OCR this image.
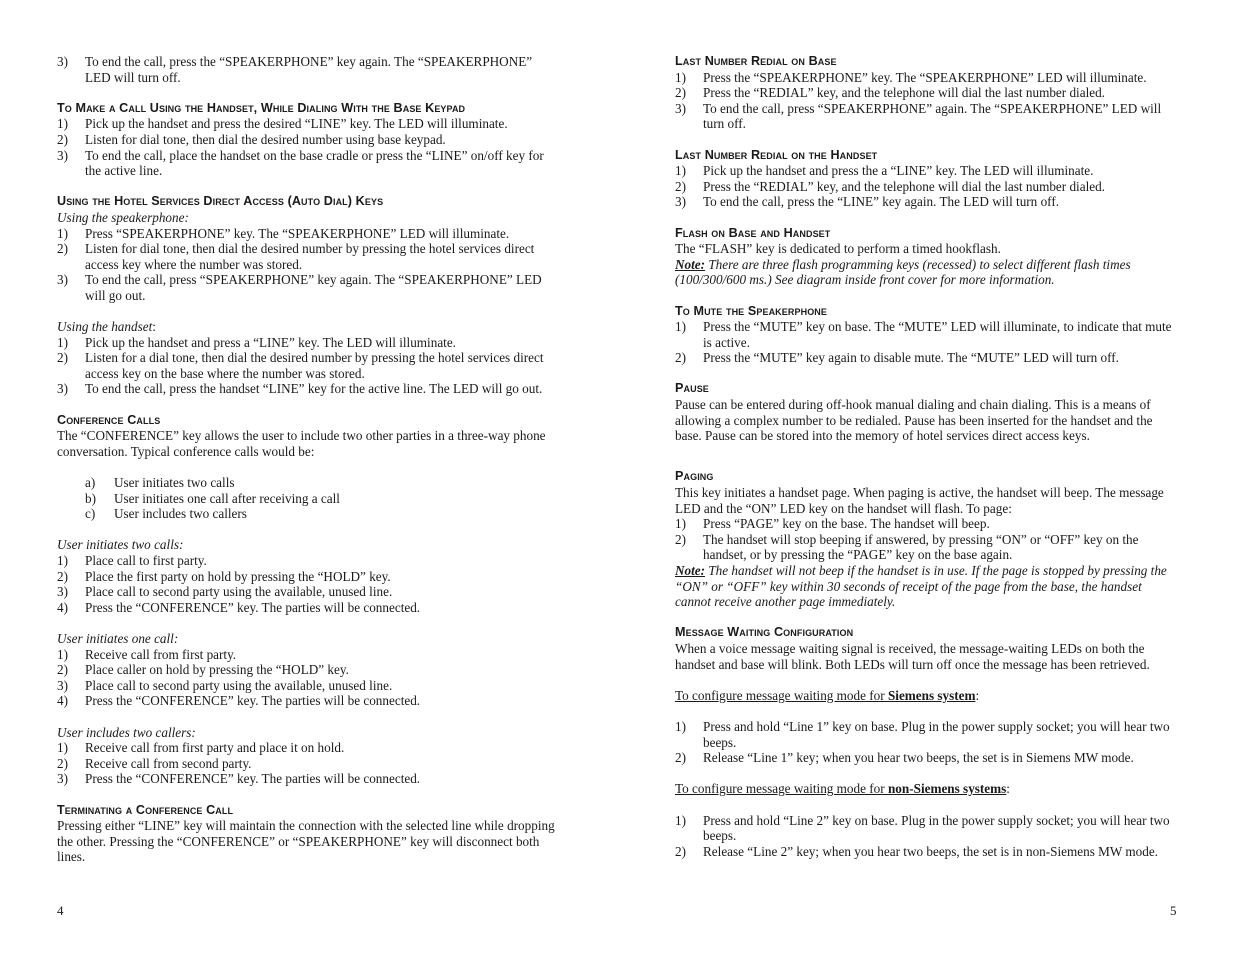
3)	To end the call, press the “SPEAKERPHONE” key again. The “SPEAKERPHONE” LED will turn off.
To Make a Call Using the Handset, While Dialing With the Base Keypad
1)	Pick up the handset and press the desired “LINE” key. The LED will illuminate.
2)	Listen for dial tone, then dial the desired number using base keypad.
3)	To end the call, place the handset on the base cradle or press the “LINE” on/off key for the active line.
Using the Hotel Services Direct Access (Auto Dial) Keys

Using the speakerphone:

1)	Press “SPEAKERPHONE” key. The “SPEAKERPHONE” LED will illuminate.
2)	Listen for dial tone, then dial the desired number by pressing the hotel services direct access key where the number was stored.
3)	To end the call, press “SPEAKERPHONE” key again. The “SPEAKERPHONE” LED will go out.

Using the handset:

1)	Pick up the handset and press a “LINE” key. The LED will illuminate.
2)	Listen for a dial tone, then dial the desired number by pressing the hotel services direct access key on the base where the number was stored.
3)	To end the call, press the handset “LINE” key for the active line. The LED will go out.
Conference Calls

The “CONFERENCE” key allows the user to include two other parties in a three-way phone conversation. Typical conference calls would be:

a)	User initiates two calls
b)	User initiates one call after receiving a call
c)	User includes two callers

User initiates two calls:

1)	Place call to first party.
2)	Place the first party on hold by pressing the “HOLD” key.
3)	Place call to second party using the available, unused line.
4)	Press the “CONFERENCE” key. The parties will be connected.

User initiates one call:

1)	Receive call from first party.
2)	Place caller on hold by pressing the “HOLD” key.
3)	Place call to second party using the available, unused line.
4)	Press the “CONFERENCE” key. The parties will be connected.

User includes two callers:

1)	Receive call from first party and place it on hold.
2)	Receive call from second party.
3)	Press the “CONFERENCE” key. The parties will be connected.
Terminating a Conference Call

Pressing either “LINE” key will maintain the connection with the selected line while dropping the other. Pressing the “CONFERENCE” or “SPEAKERPHONE” key will disconnect both lines.

Last Number Redial on Base
1)	Press the “SPEAKERPHONE” key. The “SPEAKERPHONE” LED will illuminate.
2)	Press the “REDIAL” key, and the telephone will dial the last number dialed.
3)	To end the call, press “SPEAKERPHONE” again. The “SPEAKERPHONE” LED will turn off.
Last Number Redial on the Handset
1)	Pick up the handset and press the a “LINE” key. The LED will illuminate.
2)	Press the “REDIAL” key, and the telephone will dial the last number dialed.
3)	To end the call, press the “LINE” key again. The LED will turn off.
Flash on Base and Handset

The “FLASH” key is dedicated to perform a timed hookflash.

Note: There are three flash programming keys (recessed) to select different flash times (100/300/600 ms.) See diagram inside front cover for more information.

To Mute the Speakerphone
1)	Press the “MUTE” key on base. The “MUTE” LED will illuminate, to indicate that mute is active.
2)	Press the “MUTE” key again to disable mute. The “MUTE” LED will turn off.
Pause

Pause can be entered during off-hook manual dialing and chain dialing. This is a means of allowing a complex number to be redialed. Pause has been inserted for the handset and the base. Pause can be stored into the memory of hotel services direct access keys.

Paging

This key initiates a handset page. When paging is active, the handset will beep. The message LED and the “ON” LED key on the handset will flash. To page:

1)	Press “PAGE” key on the base. The handset will beep.
2)	The handset will stop beeping if answered, by pressing “ON” or “OFF” key on the handset, or by pressing the “PAGE” key on the base again.

Note: The handset will not beep if the handset is in use. If the page is stopped by pressing the “ON” or “OFF” key within 30 seconds of receipt of the page from the base, the handset cannot receive another page immediately.

Message Waiting Configuration

When a voice message waiting signal is received, the message-waiting LEDs on both the handset and base will blink. Both LEDs will turn off once the message has been retrieved.

To configure message waiting mode for Siemens system:

1)	Press and hold “Line 1” key on base. Plug in the power supply socket; you will hear two beeps.
2)	Release “Line 1” key; when you hear two beeps, the set is in Siemens MW mode.

To configure message waiting mode for non-Siemens systems:

1)	Press and hold “Line 2” key on base. Plug in the power supply socket; you will hear two beeps.
2)	Release “Line 2” key; when you hear two beeps, the set is in non-Siemens MW mode.
4	5
